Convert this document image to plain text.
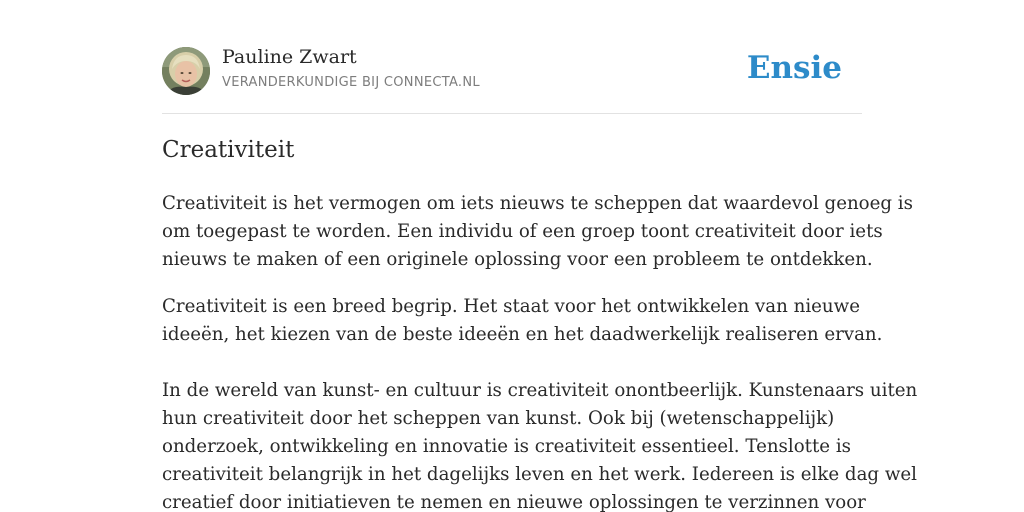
Pauline Zwart
VERANDERKUNDIGE BIJ CONNECTA.NL	Ensie
Creativiteit

Creativiteit is het vermogen om iets nieuws te scheppen dat waardevol genoeg is
om toegepast te worden. Een individu of een groep toont creativiteit door iets
nieuws te maken of een originele oplossing voor een probleem te ontdekken.

Creativiteit is een breed begrip. Het staat voor het ontwikkelen van nieuwe
ideeën, het kiezen van de beste ideeën en het daadwerkelijk realiseren ervan.

In de wereld van kunst- en cultuur is creativiteit onontbeerlijk. Kunstenaars uiten
hun creativiteit door het scheppen van kunst. Ook bij (wetenschappelijk)
onderzoek, ontwikkeling en innovatie is creativiteit essentieel. Tenslotte is
creativiteit belangrijk in het dagelijks leven en het werk. Iedereen is elke dag wel
creatief door initiatieven te nemen en nieuwe oplossingen te verzinnen voor
